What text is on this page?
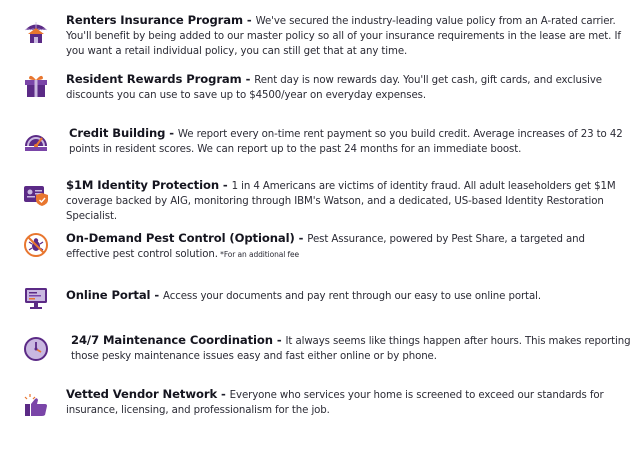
Renters Insurance Program - We've secured the industry-leading value policy from an A-rated carrier. You'll benefit by being added to our master policy so all of your insurance requirements in the lease are met. If you want a retail individual policy, you can still get that at any time.
Resident Rewards Program - Rent day is now rewards day. You'll get cash, gift cards, and exclusive discounts you can use to save up to $4500/year on everyday expenses.
Credit Building - We report every on-time rent payment so you build credit. Average increases of 23 to 42 points in resident scores. We can report up to the past 24 months for an immediate boost.
$1M Identity Protection - 1 in 4 Americans are victims of identity fraud. All adult leaseholders get $1M coverage backed by AIG, monitoring through IBM's Watson, and a dedicated, US-based Identity Restoration Specialist.
On-Demand Pest Control (Optional) - Pest Assurance, powered by Pest Share, a targeted and effective pest control solution. *For an additional fee
Online Portal - Access your documents and pay rent through our easy to use online portal.
24/7 Maintenance Coordination - It always seems like things happen after hours. This makes reporting those pesky maintenance issues easy and fast either online or by phone.
Vetted Vendor Network - Everyone who services your home is screened to exceed our standards for insurance, licensing, and professionalism for the job.
